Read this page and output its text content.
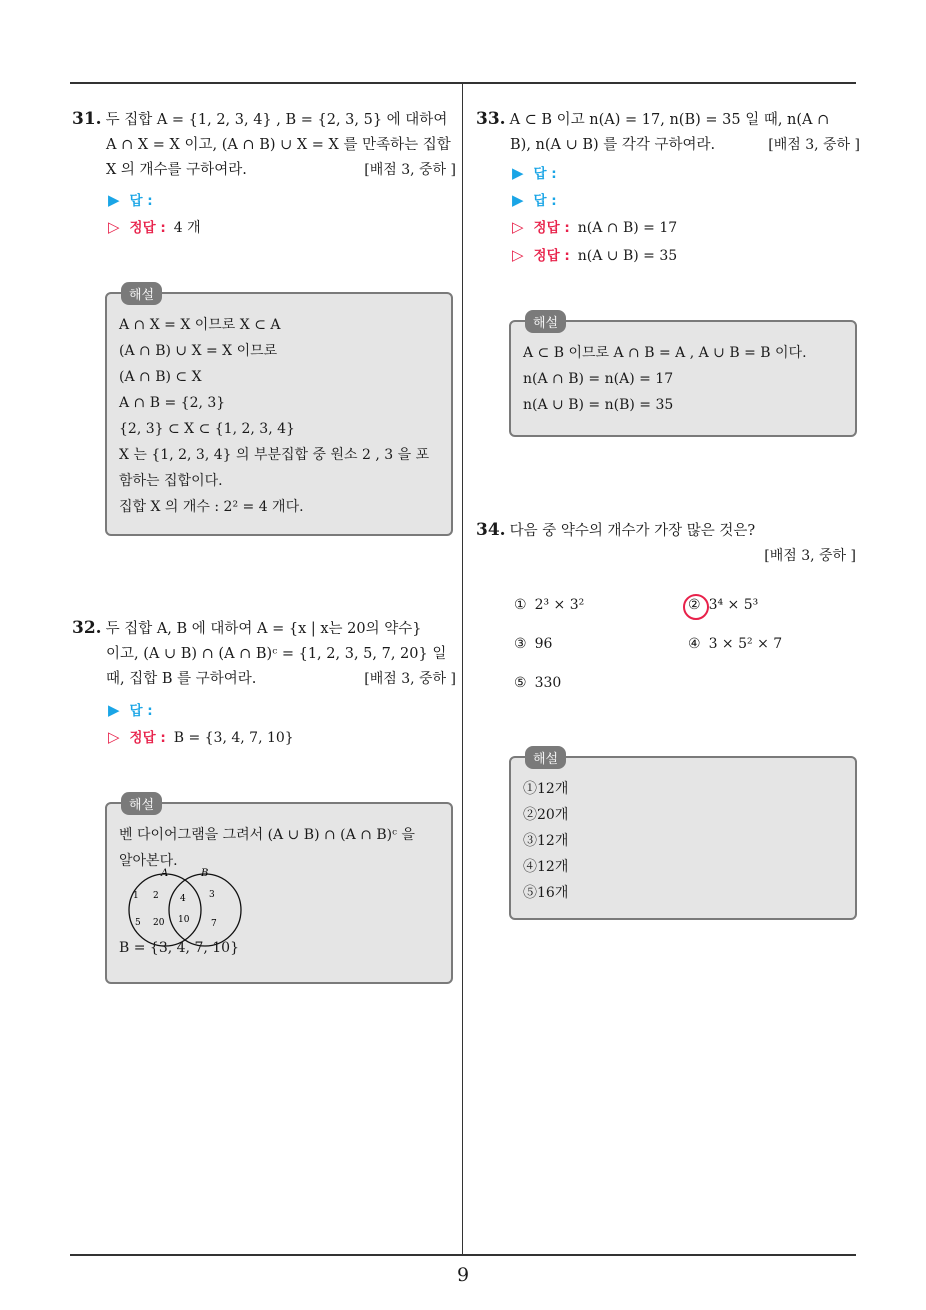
31. 두 집합 A = {1, 2, 3, 4} , B = {2, 3, 5} 에 대하여
A ∩ X = X 이고, (A ∩ B) ∪ X = X 를 만족하는 집합
X 의 개수를 구하여라.	[배점 3, 중하 ]
▶ 답 :
▷ 정답 : 4 개
해설
A ∩ X = X 이므로 X ⊂ A
(A ∩ B) ∪ X = X 이므로
(A ∩ B) ⊂ X
A ∩ B = {2, 3}
{2, 3} ⊂ X ⊂ {1, 2, 3, 4}
X 는 {1, 2, 3, 4} 의 부분집합 중 원소 2 , 3 을 포
함하는 집합이다.
집합 X 의 개수 : 2² = 4 개다.
32. 두 집합 A, B 에 대하여 A = {x | x는 20의 약수}
이고, (A ∪ B) ∩ (A ∩ B)ᶜ = {1, 2, 3, 5, 7, 20} 일
때, 집합 B 를 구하여라.	[배점 3, 중하 ]
▶ 답 :
▷ 정답 : B = {3, 4, 7, 10}
해설
벤 다이어그램을 그려서 (A ∪ B) ∩ (A ∩ B)ᶜ 을
알아본다.
A	B
1 2
5 20
4
10
3
7
B = {3, 4, 7, 10}
33. A ⊂ B 이고 n(A) = 17, n(B) = 35 일 때, n(A ∩
B), n(A ∪ B) 를 각각 구하여라.	[배점 3, 중하 ]
▶ 답 :
▶ 답 :
▷ 정답 : n(A ∩ B) = 17
▷ 정답 : n(A ∪ B) = 35
해설
A ⊂ B 이므로 A ∩ B = A , A ∪ B = B 이다.
n(A ∩ B) = n(A) = 17
n(A ∪ B) = n(B) = 35
34. 다음 중 약수의 개수가 가장 많은 것은?
[배점 3, 중하 ]
① 2³ × 3²	② 3⁴ × 5³
③ 96	④ 3 × 5² × 7
⑤ 330
해설
①12개
②20개
③12개
④12개
⑤16개
9
